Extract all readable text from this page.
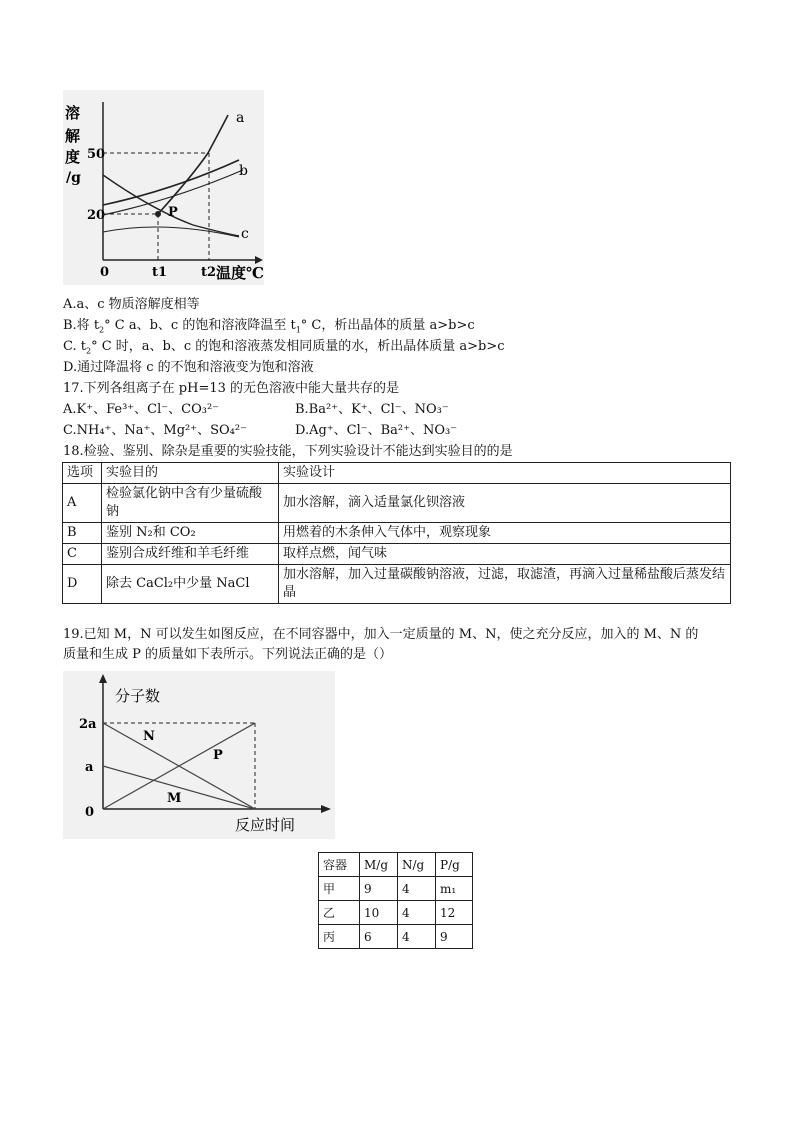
溶
解
度
/g
50
20	P
a
b
c
0	t1	t2 温度℃
A.a、c 物质溶解度相等
B.将 $t_2^\circ$ C a、b、c 的饱和溶液降温至 $t_1^\circ$ C，析出晶体的质量 a>b>c
C. $t_2^\circ$ C 时，a、b、c 的饱和溶液蒸发相同质量的水，析出晶体质量 a>b>c
D.通过降温将 c 的不饱和溶液变为饱和溶液
17.下列各组离子在 pH=13 的无色溶液中能大量共存的是
A.K⁺、Fe³⁺、Cl⁻、CO₃²⁻	B.Ba²⁺、K⁺、Cl⁻、NO₃⁻
C.NH₄⁺、Na⁺、Mg²⁺、SO₄²⁻	D.Ag⁺、Cl⁻、Ba²⁺、NO₃⁻
18.检验、鉴别、除杂是重要的实验技能，下列实验设计不能达到实验目的的是
选项	实验目的	实验设计
A	检验氯化钠中含有少量硫酸钠	加水溶解，滴入适量氯化钡溶液
B	鉴别 N₂和 CO₂	用燃着的木条伸入气体中，观察现象
C	鉴别合成纤维和羊毛纤维	取样点燃，闻气味
D	除去 CaCl₂中少量 NaCl	加水溶解，加入过量碳酸钠溶液，过滤，取滤渣，再滴入过量稀盐酸后蒸发结晶
19.已知 M，N 可以发生如图反应，在不同容器中，加入一定质量的 M、N，使之充分反应，加入的 M、N 的
质量和生成 P 的质量如下表所示。下列说法正确的是（）
分子数
反应时间
2a
a
0
N
P
M
容器	M/g	N/g	P/g
甲	9	4	m₁
乙	10	4	12
丙	6	4	9
